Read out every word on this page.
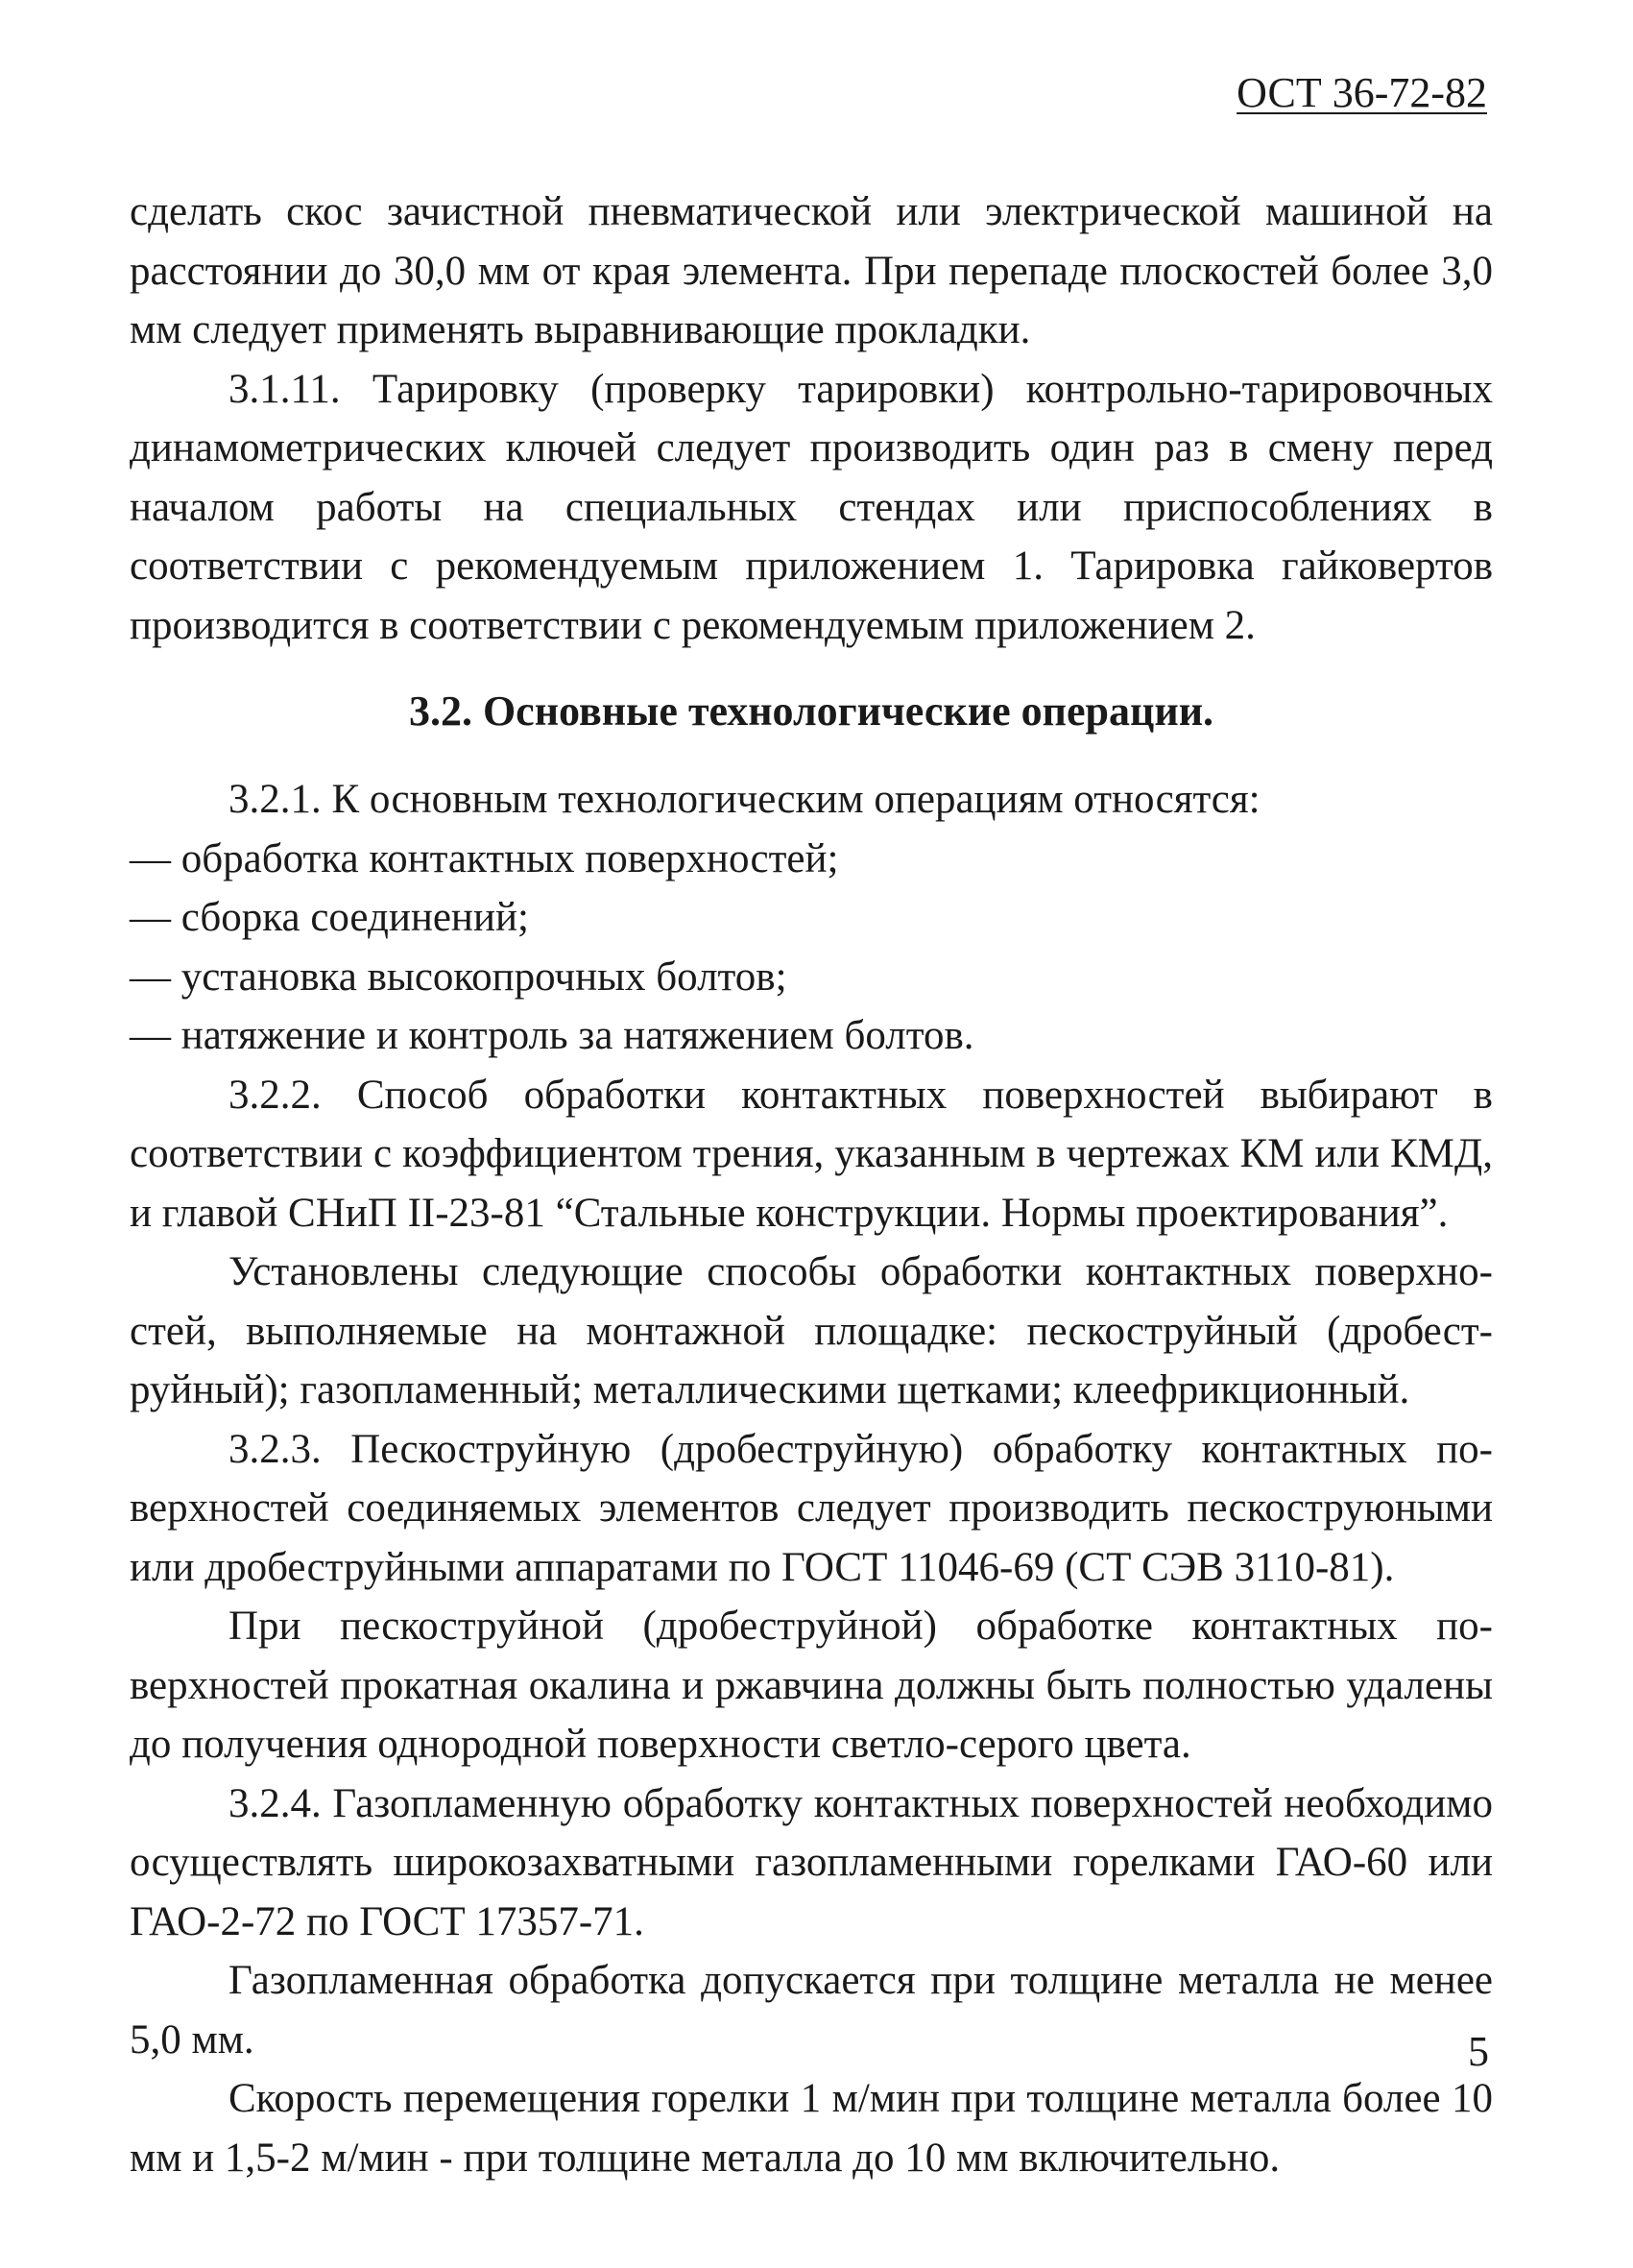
ОСТ 36-72-82

сделать скос зачистной пневматической или электрической машиной на расстоянии до 30,0 мм от края элемента. При перепаде плоскостей более 3,0 мм следует применять выравнивающие прокладки.

3.1.11. Тарировку (проверку тарировки) контрольно-тарировочных динамометрических ключей следует производить один раз в смену перед началом работы на специальных стендах или приспособлениях в соответствии с рекомендуемым приложением 1. Тарировка гайковертов производится в соответствии с рекомендуемым приложением 2.

3.2. Основные технологические операции.

3.2.1. К основным технологическим операциям относятся:

— обработка контактных поверхностей;

— сборка соединений;

— установка высокопрочных болтов;

— натяжение и контроль за натяжением болтов.

3.2.2. Способ обработки контактных поверхностей выбирают в соответствии с коэффициентом трения, указанным в чертежах КМ или КМД, и главой СНиП II-23-81 “Стальные конструкции. Нормы проектирования”.

Установлены следующие способы обработки контактных поверхностей, выполняемые на монтажной площадке: пескоструйный (дробеструйный); газопламенный; металлическими щетками; клеефрикционный.

3.2.3. Пескоструйную (дробеструйную) обработку контактных поверхностей соединяемых элементов следует производить пескоструюными или дробеструйными аппаратами по ГОСТ 11046-69 (СТ СЭВ 3110-81).

При пескоструйной (дробеструйной) обработке контактных поверхностей прокатная окалина и ржавчина должны быть полностью удалены до получения однородной поверхности светло-серого цвета.

3.2.4. Газопламенную обработку контактных поверхностей необходимо осуществлять широкозахватными газопламенными горелками ГАО-60 или ГАО-2-72 по ГОСТ 17357-71.

Газопламенная обработка допускается при толщине металла не менее 5,0 мм.

Скорость перемещения горелки 1 м/мин при толщине металла более 10 мм и 1,5-2 м/мин - при толщине металла до 10 мм включительно.

5
